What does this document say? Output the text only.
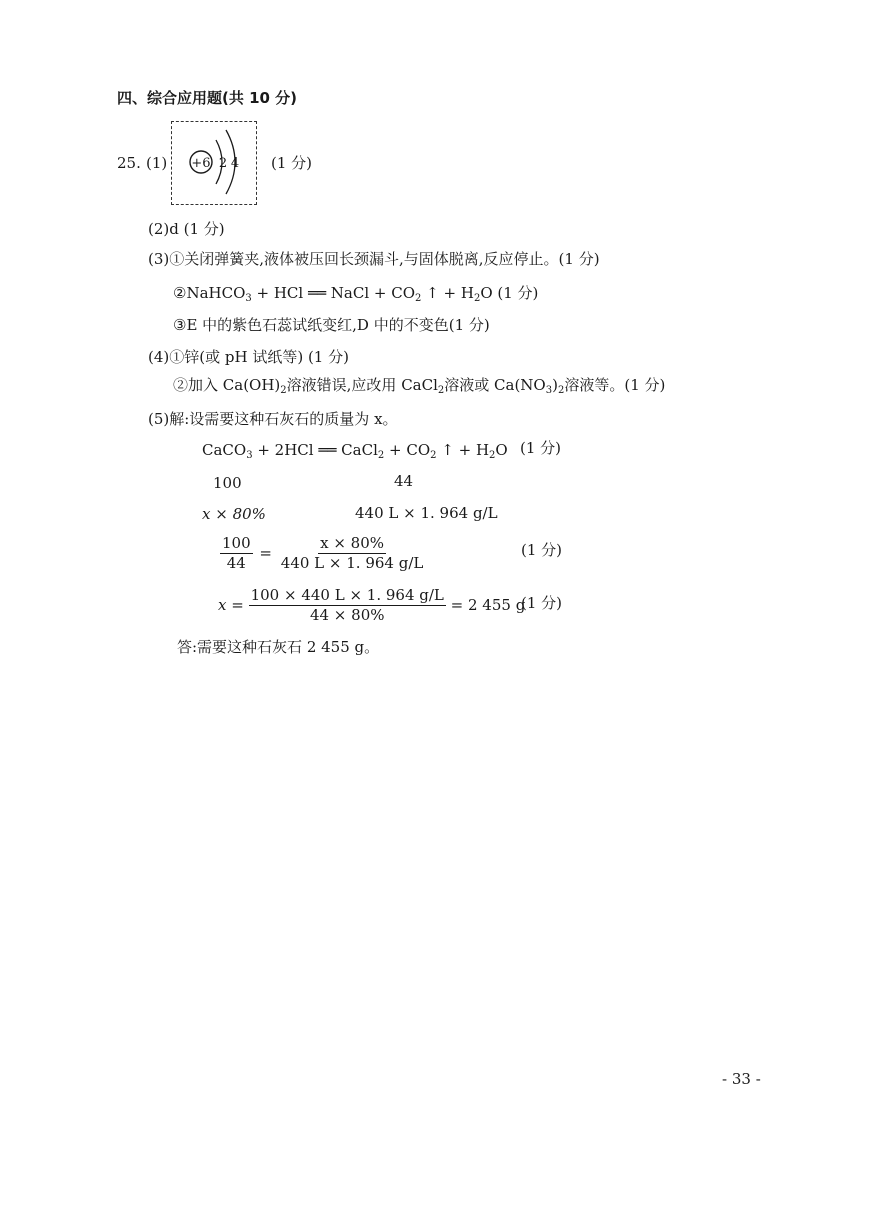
四、综合应用题(共 10 分)
25. (1) +6 2 4 (1 分)
(2)d (1 分)
(3)①关闭弹簧夹,液体被压回长颈漏斗,与固体脱离,反应停止。(1 分)
②NaHCO$_3$ + HCl ══ NaCl + $CO_2$ ↑ + $H_2O$ (1 分)
③E 中的紫色石蕊试纸变红,D 中的不变色(1 分)
(4)①锌(或 pH 试纸等) (1 分)
②加入 $Ca(OH)_2$溶液错误,应改用 CaCl$_2$溶液或 $Ca(NO_3)_2$溶液等。(1 分)
(5)解:设需要这种石灰石的质量为 x。
CaCO$_3$ + 2HCl ══ CaCl$_2$ + $CO_2$ ↑ + $H_2O$ (1 分)
100	44
x × 80%	440 L × 1. 964 g/L
$\frac{100}{44} = \frac{x \times 80\%}{440 L \times 1. 964 g/L}$	(1 分)
$x = \frac{100 \times 440 L \times 1. 964 g/L}{44 \times 80\%} = 2$ 455 g
(1 分)
答:需要这种石灰石 2 455 g。
- 33 -
